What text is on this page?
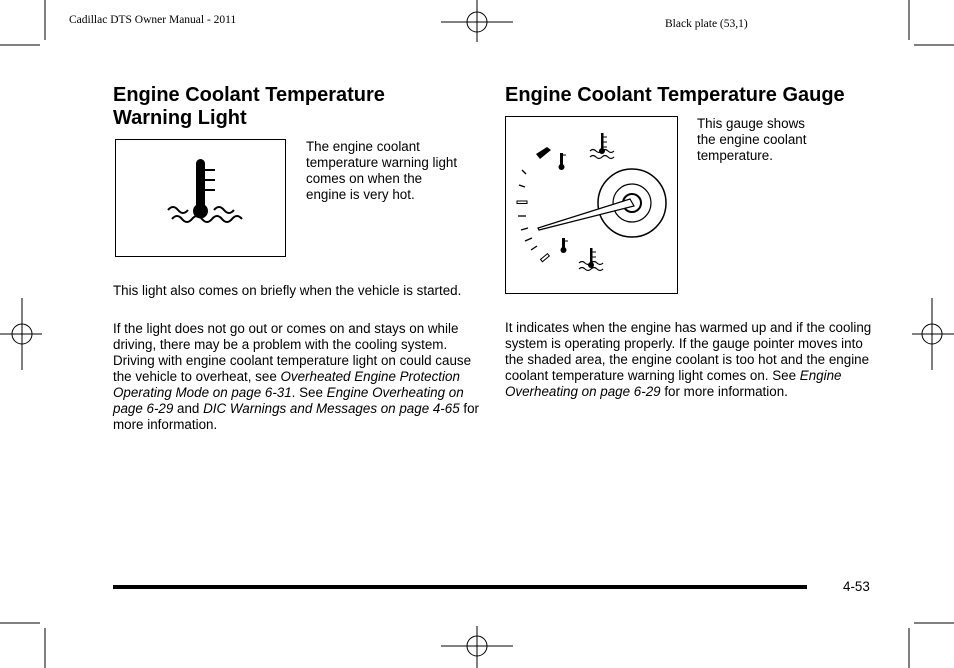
Cadillac DTS Owner Manual - 2011	Black plate (53,1)
Engine Coolant Temperature
Warning Light
The engine coolant
temperature warning light
comes on when the
engine is very hot.

This light also comes on briefly when the vehicle is started.

If the light does not go out or comes on and stays on while driving, there may be a problem with the cooling system. Driving with engine coolant temperature light on could cause the vehicle to overheat, see Overheated Engine Protection Operating Mode on page 6‑31. See Engine Overheating on page 6‑29 and DIC Warnings and Messages on page 4‑65 for more information.

Engine Coolant Temperature Gauge
This gauge shows
the engine coolant
temperature.

It indicates when the engine has warmed up and if the cooling system is operating properly. If the gauge pointer moves into the shaded area, the engine coolant is too hot and the engine coolant temperature warning light comes on. See Engine Overheating on page 6‑29 for more information.

4-53
